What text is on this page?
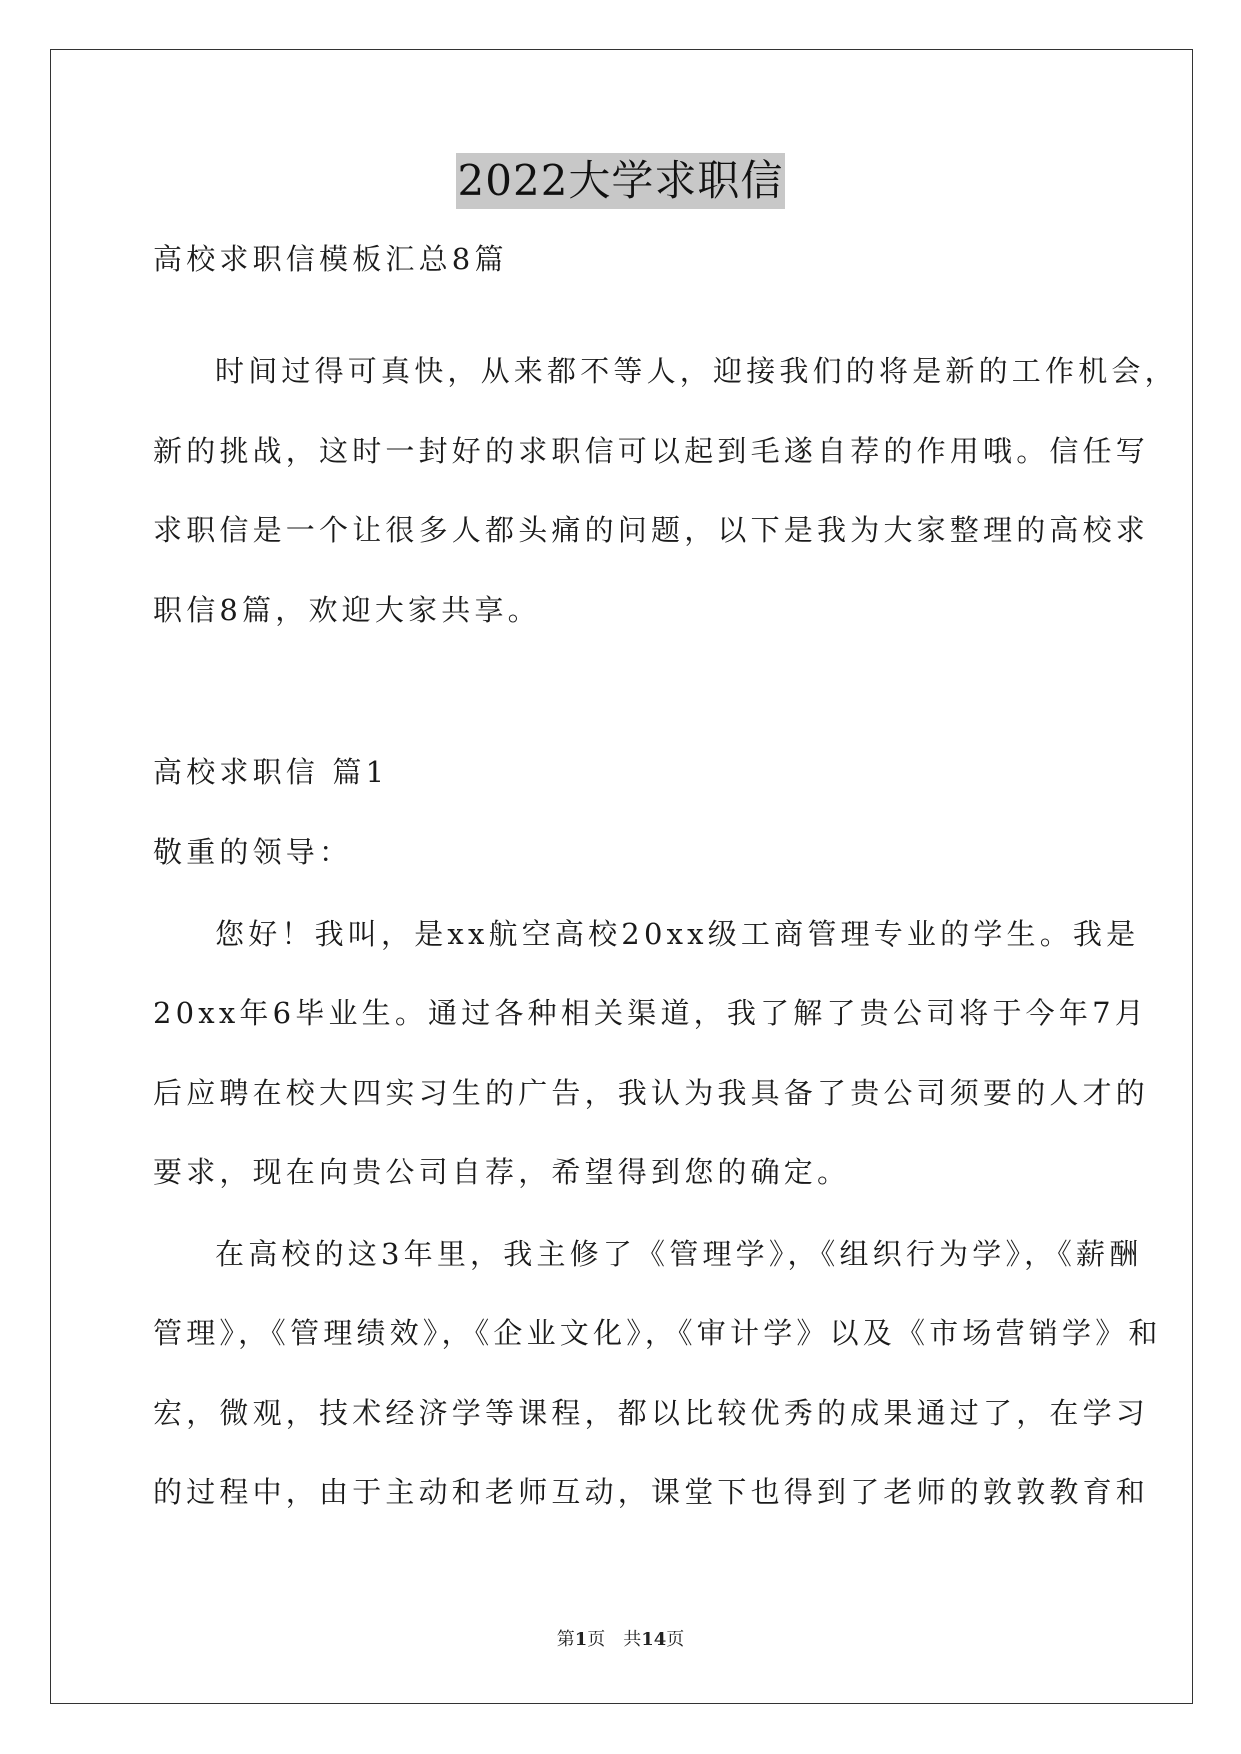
2022大学求职信
高校求职信模板汇总8篇
时间过得可真快，从来都不等人，迎接我们的将是新的工作机会，
新的挑战，这时一封好的求职信可以起到毛遂自荐的作用哦。信任写
求职信是一个让很多人都头痛的问题，以下是我为大家整理的高校求
职信8篇，欢迎大家共享。
高校求职信 篇1
敬重的领导：
您好！我叫，是xx航空高校20xx级工商管理专业的学生。我是
20xx年6毕业生。通过各种相关渠道，我了解了贵公司将于今年7月
后应聘在校大四实习生的广告，我认为我具备了贵公司须要的人才的
要求，现在向贵公司自荐，希望得到您的确定。
在高校的这3年里，我主修了《管理学》，《组织行为学》，《薪酬
管理》，《管理绩效》，《企业文化》，《审计学》以及《市场营销学》和
宏，微观，技术经济学等课程，都以比较优秀的成果通过了，在学习
的过程中，由于主动和老师互动，课堂下也得到了老师的敦敦教育和
第1页 共14页
